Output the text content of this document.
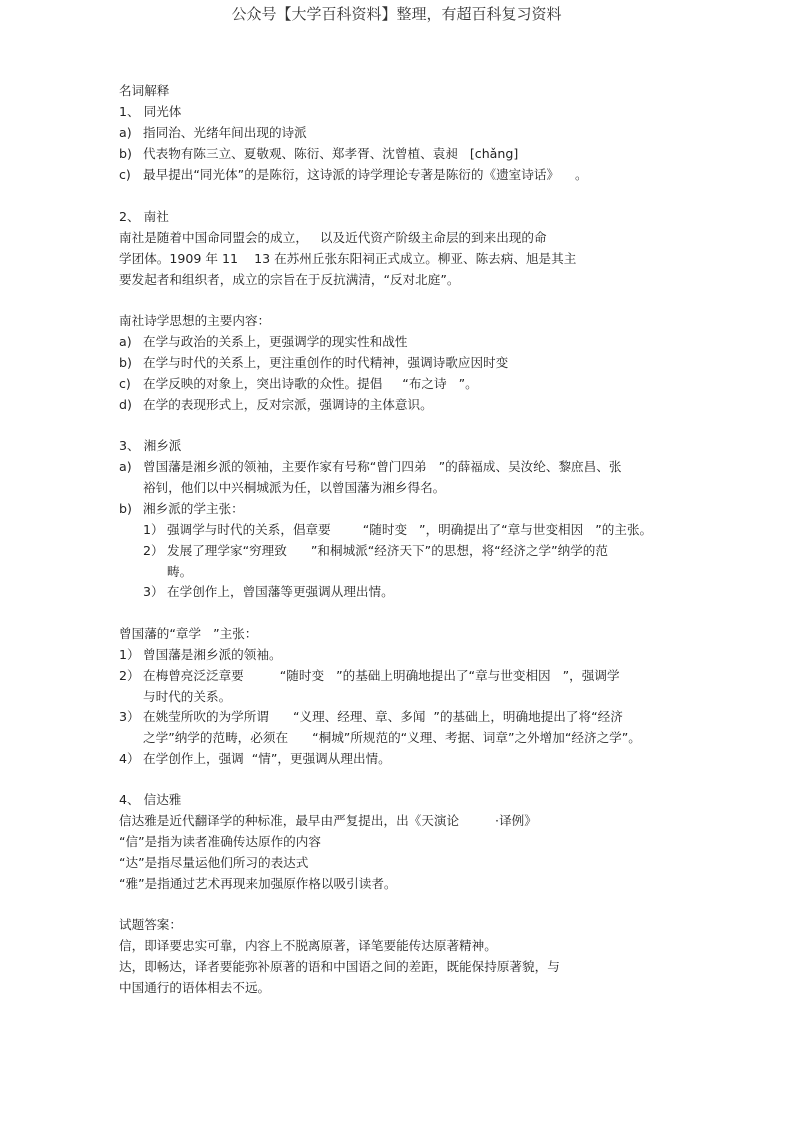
公众号【大学百科资料】整理，有超百科复习资料
名词解释
1、 同光体
a) 指同治、光绪年间出现的诗派
b) 代表物有陈三立、夏敬观、陈衍、郑孝胥、沈曾植、袁昶   [chǎng]
c) 最早提出“同光体”的是陈衍，这诗派的诗学理论专著是陈衍的《遗室诗话》    。
2、 南社
南社是随着中国命同盟会的成立，   以及近代资产阶级主命层的到来出现的命
学团体。1909 年 11    13 在苏州丘张东阳祠正式成立。柳亚、陈去病、旭是其主
要发起者和组织者，成立的宗旨在于反抗满清，“反对北庭”。
南社诗学思想的主要内容：
a) 在学与政治的关系上，更强调学的现实性和战性
b) 在学与时代的关系上，更注重创作的时代精神，强调诗歌应因时变
c) 在学反映的对象上，突出诗歌的众性。提倡     “布之诗   ”。
d) 在学的表现形式上，反对宗派，强调诗的主体意识。
3、 湘乡派
a) 曾国藩是湘乡派的领袖，主要作家有号称“曾门四弟   ”的薛福成、吴汝纶、黎庶昌、张
裕钊，他们以中兴桐城派为任，以曾国藩为湘乡得名。
b) 湘乡派的学主张：
1） 强调学与时代的关系，倡章要        “随时变   ”，明确提出了“章与世变相因   ”的主张。
2） 发展了理学家“穷理致      ”和桐城派“经济天下”的思想，将“经济之学”纳学的范
畴。
3） 在学创作上，曾国藩等更强调从理出情。
曾国藩的“章学   ”主张：
1） 曾国藩是湘乡派的领袖。
2） 在梅曾亮泛泛章要         “随时变   ”的基础上明确地提出了“章与世变相因   ”，强调学
与时代的关系。
3） 在姚莹所吹的为学所谓      “义理、经理、章、多闻  ”的基础上，明确地提出了将“经济
之学”纳学的范畴，必须在      “桐城”所规范的“义理、考据、词章”之外增加“经济之学”。
4） 在学创作上，强调  “情”，更强调从理出情。
4、 信达雅
信达雅是近代翻译学的种标准，最早由严复提出，出《天演论         ·译例》
“信”是指为读者准确传达原作的内容
“达”是指尽量运他们所习的表达式
“雅”是指通过艺术再现来加强原作格以吸引读者。
试题答案：
信，即译要忠实可靠，内容上不脱离原著，译笔要能传达原著精神。
达，即畅达，译者要能弥补原著的语和中国语之间的差距，既能保持原著貌，与
中国通行的语体相去不远。
